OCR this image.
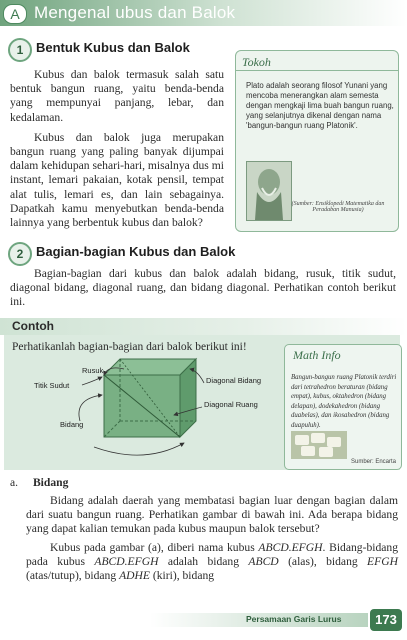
A Mengenal ubus dan Balok
1 Bentuk Kubus dan Balok

Kubus dan balok termasuk salah satu bentuk bangun ruang, yaitu benda-benda yang mempunyai panjang, lebar, dan kedalaman.

Kubus dan balok juga merupakan bangun ruang yang paling banyak dijumpai dalam kehidupan sehari-hari, misalnya dus mi instant, lemari pakaian, kotak pensil, tempat alat tulis, lemari es, dan lain sebagainya. Dapatkah kamu menyebutkan benda-benda lainnya yang berbentuk kubus dan balok?

Tokoh
Plato adalah seorang filosof Yunani yang mencoba menerangkan alam semesta dengan mengkaji lima buah bangun ruang, yang selanjutnya dikenal dengan nama 'bangun-bangun ruang Platonik'.
(Sumber: Ensiklopedi Matematika dan Peradaban Manusia)
2 Bagian-bagian Kubus dan Balok

Bagian-bagian dari kubus dan balok adalah bidang, rusuk, titik sudut, diagonal bidang, diagonal ruang, dan bidang diagonal. Perhatikan contoh berikut ini.

Contoh
Perhatikanlah bagian-bagian dari balok berikut ini!
Rusuk
Titik Sudut
Bidang
Diagonal Bidang
Diagonal Ruang
Math Info
Bangun-bangun ruang Platonik terdiri dari tetrahedron beraturan (bidang empat), kubus, oktahedron (bidang delapan), dodekahedron (bidang duabelas), dan ikosahedron (bidang duapuluh).
Sumber: Encarta
a. Bidang

Bidang adalah daerah yang membatasi bagian luar dengan bagian dalam dari suatu bangun ruang. Perhatikan gambar di bawah ini. Ada berapa bidang yang dapat kalian temukan pada kubus maupun balok tersebut?

Kubus pada gambar (a), diberi nama kubus ABCD.EFGH. Bidang-bidang pada kubus ABCD.EFGH adalah bidang ABCD (alas), bidang EFGH (atas/tutup), bidang ADHE (kiri), bidang

Persamaan Garis Lurus	173
